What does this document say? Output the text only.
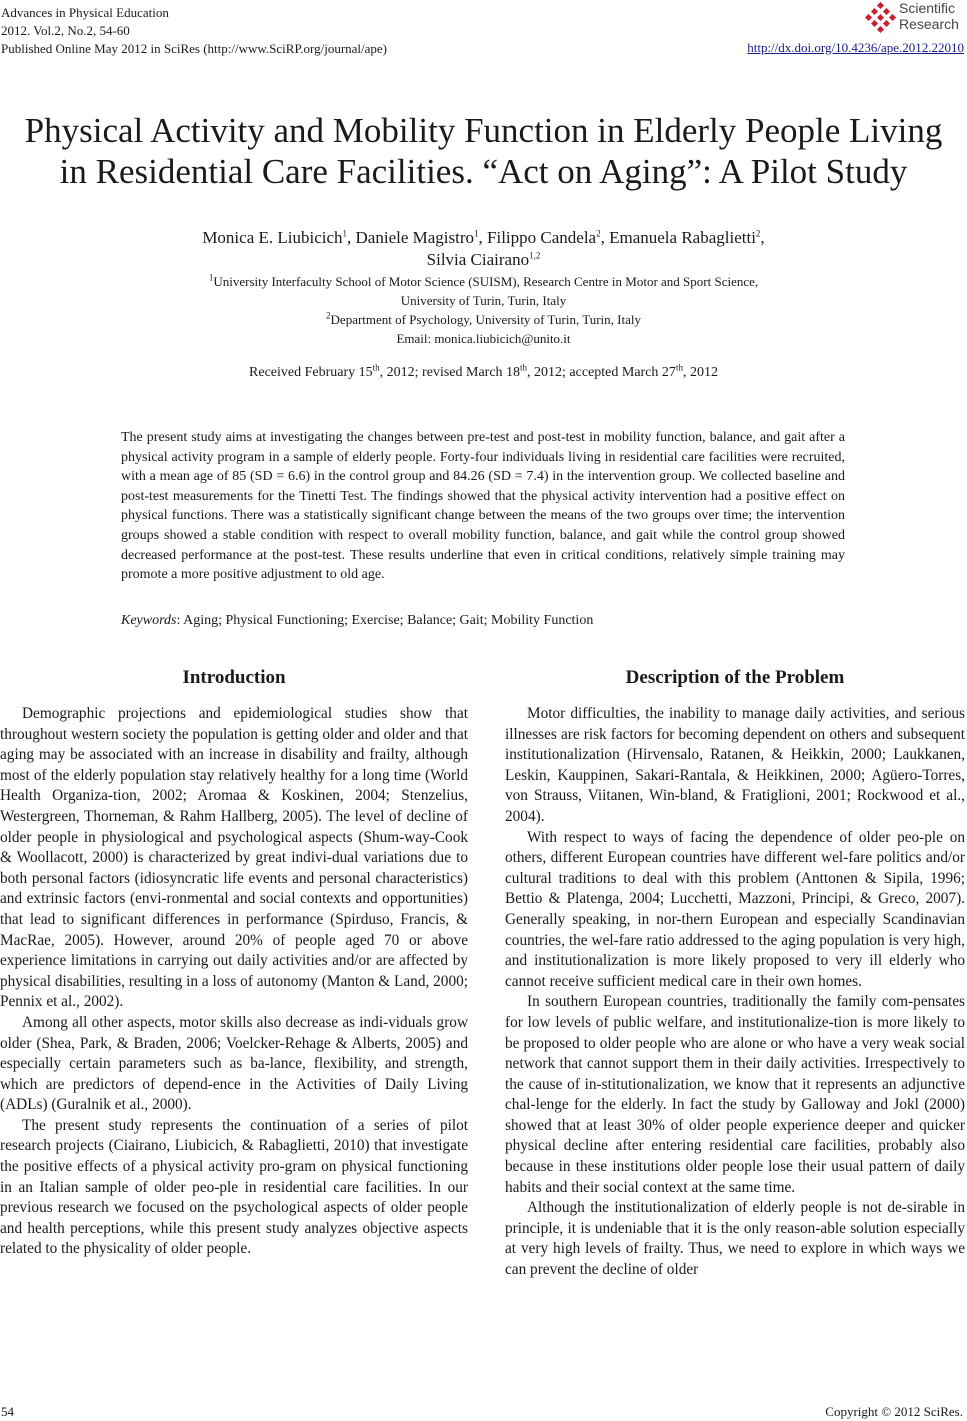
Advances in Physical Education
2012. Vol.2, No.2, 54-60
Published Online May 2012 in SciRes (http://www.SciRP.org/journal/ape)
Scientific
Research
http://dx.doi.org/10.4236/ape.2012.22010
Physical Activity and Mobility Function in Elderly People Living
in Residential Care Facilities. “Act on Aging”: A Pilot Study
Monica E. Liubicich$^1$, Daniele Magistro$^1$, Filippo Candela$^2$, Emanuela Rabaglietti$^2$,
Silvia Ciairano$^{1,2}$
$^1$University Interfaculty School of Motor Science (SUISM), Research Centre in Motor and Sport Science,
University of Turin, Turin, Italy
$^2$Department of Psychology, University of Turin, Turin, Italy
Email: monica.liubicich@unito.it
Received February 15th, 2012; revised March 18th, 2012; accepted March 27th, 2012
The present study aims at investigating the changes between pre-test and post-test in mobility function, balance, and gait after a physical activity program in a sample of elderly people. Forty-four individuals living in residential care facilities were recruited, with a mean age of 85 (SD = 6.6) in the control group and 84.26 (SD = 7.4) in the intervention group. We collected baseline and post-test measurements for the Tinetti Test. The findings showed that the physical activity intervention had a positive effect on physical functions. There was a statistically significant change between the means of the two groups over time; the intervention groups showed a stable condition with respect to overall mobility function, balance, and gait while the control group showed decreased performance at the post-test. These results underline that even in critical conditions, relatively simple training may promote a more positive adjustment to old age.
Keywords: Aging; Physical Functioning; Exercise; Balance; Gait; Mobility Function
Introduction	Description of the Problem

Demographic projections and epidemiological studies show that throughout western society the population is getting older and older and that aging may be associated with an increase in disability and frailty, although most of the elderly population stay relatively healthy for a long time (World Health Organiza-tion, 2002; Aromaa & Koskinen, 2004; Stenzelius, Westergreen, Thorneman, & Rahm Hallberg, 2005). The level of decline of older people in physiological and psychological aspects (Shum-way-Cook & Woollacott, 2000) is characterized by great indivi-dual variations due to both personal factors (idiosyncratic life events and personal characteristics) and extrinsic factors (envi-ronmental and social contexts and opportunities) that lead to significant differences in performance (Spirduso, Francis, & MacRae, 2005). However, around 20% of people aged 70 or above experience limitations in carrying out daily activities and/or are affected by physical disabilities, resulting in a loss of autonomy (Manton & Land, 2000; Pennix et al., 2002).

Among all other aspects, motor skills also decrease as indi-viduals grow older (Shea, Park, & Braden, 2006; Voelcker-Rehage & Alberts, 2005) and especially certain parameters such as ba-lance, flexibility, and strength, which are predictors of depend-ence in the Activities of Daily Living (ADLs) (Guralnik et al., 2000).

The present study represents the continuation of a series of pilot research projects (Ciairano, Liubicich, & Rabaglietti, 2010) that investigate the positive effects of a physical activity pro-gram on physical functioning in an Italian sample of older peo-ple in residential care facilities. In our previous research we focused on the psychological aspects of older people and health perceptions, while this present study analyzes objective aspects related to the physicality of older people.

Motor difficulties, the inability to manage daily activities, and serious illnesses are risk factors for becoming dependent on others and subsequent institutionalization (Hirvensalo, Ratanen, & Heikkin, 2000; Laukkanen, Leskin, Kauppinen, Sakari-Rantala, & Heikkinen, 2000; Agüero-Torres, von Strauss, Viitanen, Win-bland, & Fratiglioni, 2001; Rockwood et al., 2004).

With respect to ways of facing the dependence of older peo-ple on others, different European countries have different wel-fare politics and/or cultural traditions to deal with this problem (Anttonen & Sipila, 1996; Bettio & Platenga, 2004; Lucchetti, Mazzoni, Principi, & Greco, 2007). Generally speaking, in nor-thern European and especially Scandinavian countries, the wel-fare ratio addressed to the aging population is very high, and institutionalization is more likely proposed to very ill elderly who cannot receive sufficient medical care in their own homes.

In southern European countries, traditionally the family com-pensates for low levels of public welfare, and institutionalize-tion is more likely to be proposed to older people who are alone or who have a very weak social network that cannot support them in their daily activities. Irrespectively to the cause of in-stitutionalization, we know that it represents an adjunctive chal-lenge for the elderly. In fact the study by Galloway and Jokl (2000) showed that at least 30% of older people experience deeper and quicker physical decline after entering residential care facilities, probably also because in these institutions older people lose their usual pattern of daily habits and their social context at the same time.

Although the institutionalization of elderly people is not de-sirable in principle, it is undeniable that it is the only reason-able solution especially at very high levels of frailty. Thus, we need to explore in which ways we can prevent the decline of older

54	Copyright © 2012 SciRes.
